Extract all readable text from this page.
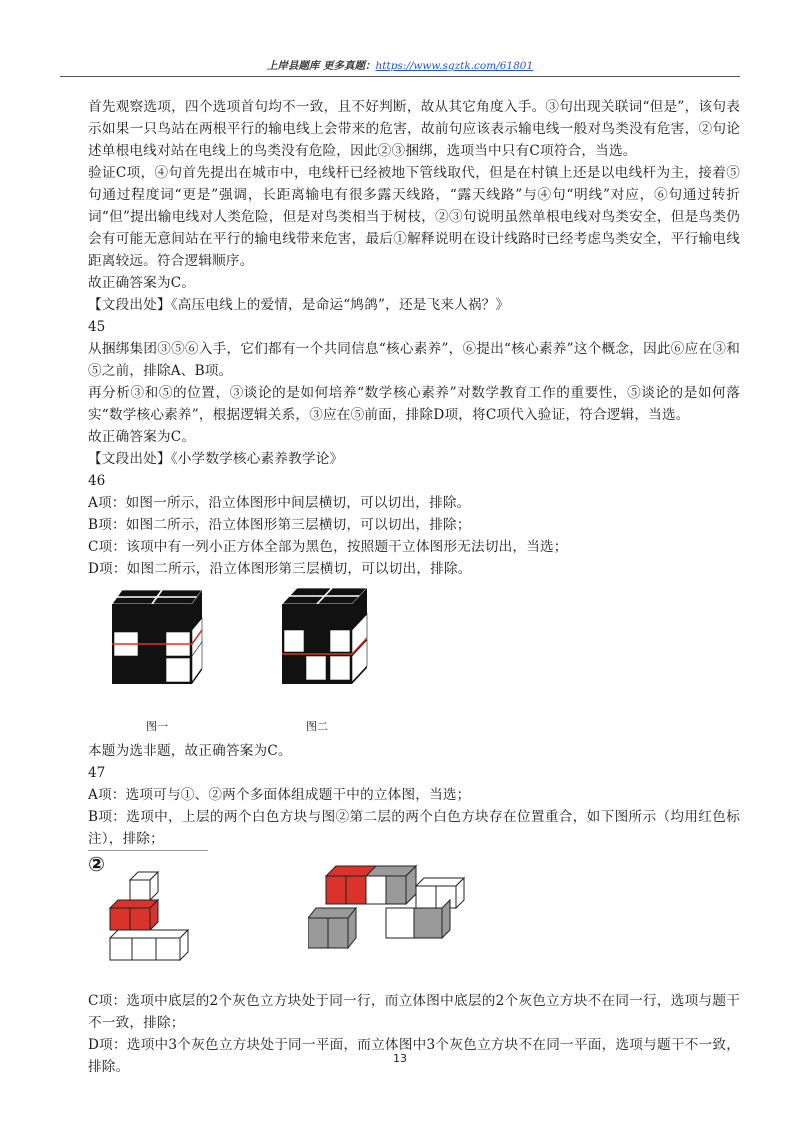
上岸县题库 更多真题：https://www.sgztk.com/61801

首先观察选项，四个选项首句均不一致，且不好判断，故从其它角度入手。③句出现关联词“但是”，该句表示如果一只鸟站在两根平行的输电线上会带来的危害，故前句应该表示输电线一般对鸟类没有危害，②句论述单根电线对站在电线上的鸟类没有危险，因此②③捆绑，选项当中只有C项符合，当选。

验证C项，④句首先提出在城市中，电线杆已经被地下管线取代，但是在村镇上还是以电线杆为主，接着⑤句通过程度词“更是”强调，长距离输电有很多露天线路，“露天线路”与④句“明线”对应，⑥句通过转折词“但”提出输电线对人类危险，但是对鸟类相当于树枝，②③句说明虽然单根电线对鸟类安全，但是鸟类仍会有可能无意间站在平行的输电线带来危害，最后①解释说明在设计线路时已经考虑鸟类安全，平行输电线距离较远。符合逻辑顺序。

故正确答案为C。

【文段出处】《高压电线上的爱情，是命运“鸠鸽”，还是飞来人祸？》

45

从捆绑集团③⑤⑥入手，它们都有一个共同信息“核心素养”，⑥提出“核心素养”这个概念，因此⑥应在③和⑤之前，排除A、B项。

再分析③和⑤的位置，③谈论的是如何培养“数学核心素养”对数学教育工作的重要性，⑤谈论的是如何落实“数学核心素养”，根据逻辑关系，③应在⑤前面，排除D项，将C项代入验证，符合逻辑，当选。

故正确答案为C。

【文段出处】《小学数学核心素养教学论》

46

A项：如图一所示，沿立体图形中间层横切，可以切出，排除。

B项：如图二所示，沿立体图形第三层横切，可以切出，排除；

C项：该项中有一列小正方体全部为黑色，按照题干立体图形无法切出，当选；

D项：如图二所示，沿立体图形第三层横切，可以切出，排除。

图一	图二

本题为选非题，故正确答案为C。

47

A项：选项可与①、②两个多面体组成题干中的立体图，当选；

B项：选项中，上层的两个白色方块与图②第二层的两个白色方块存在位置重合，如下图所示（均用红色标注），排除；

②

C项：选项中底层的2个灰色立方块处于同一行，而立体图中底层的2个灰色立方块不在同一行，选项与题干不一致，排除；

D项：选项中3个灰色立方块处于同一平面，而立体图中3个灰色立方块不在同一平面，选项与题干不一致，排除。

13
